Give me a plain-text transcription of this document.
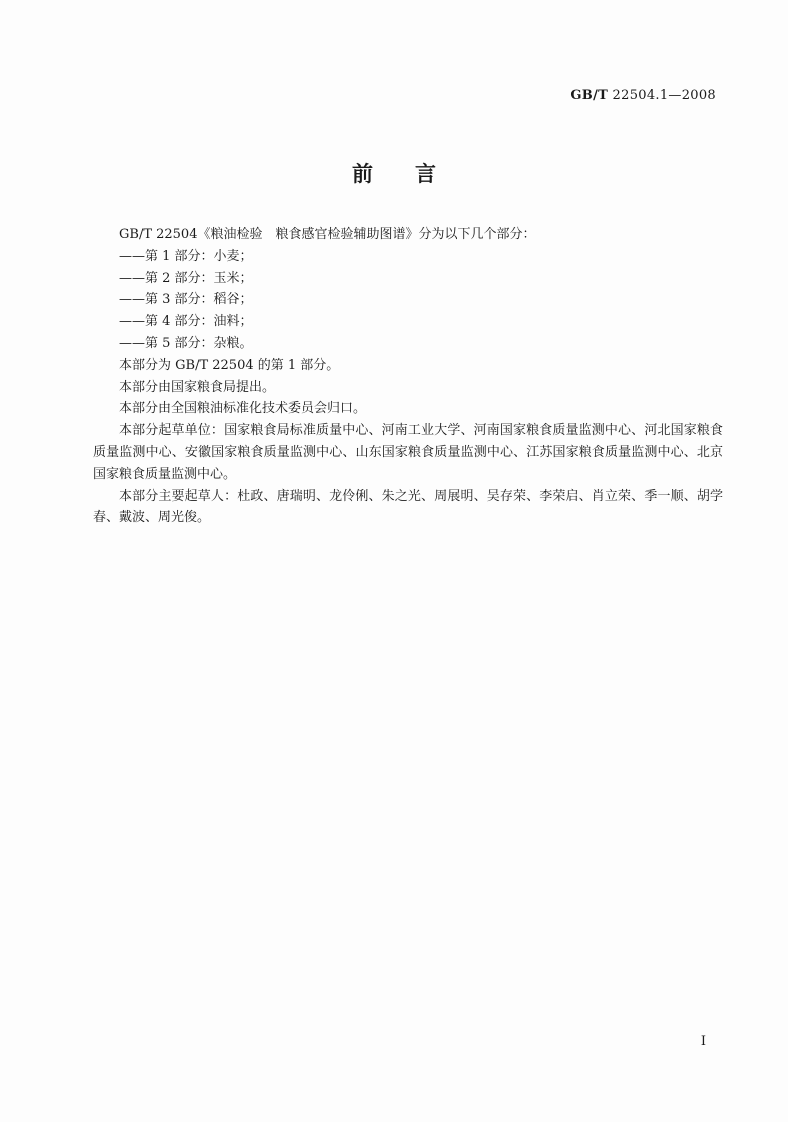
GB/T 22504.1—2008
前言

GB/T 22504《粮油检验　粮食感官检验辅助图谱》分为以下几个部分：

——第 1 部分：小麦；

——第 2 部分：玉米；

——第 3 部分：稻谷；

——第 4 部分：油料；

——第 5 部分：杂粮。

本部分为 GB/T 22504 的第 1 部分。

本部分由国家粮食局提出。

本部分由全国粮油标准化技术委员会归口。

本部分起草单位：国家粮食局标准质量中心、河南工业大学、河南国家粮食质量监测中心、河北国家粮食质量监测中心、安徽国家粮食质量监测中心、山东国家粮食质量监测中心、江苏国家粮食质量监测中心、北京国家粮食质量监测中心。

本部分主要起草人：杜政、唐瑞明、龙伶俐、朱之光、周展明、吴存荣、李荣启、肖立荣、季一顺、胡学春、戴波、周光俊。

I
